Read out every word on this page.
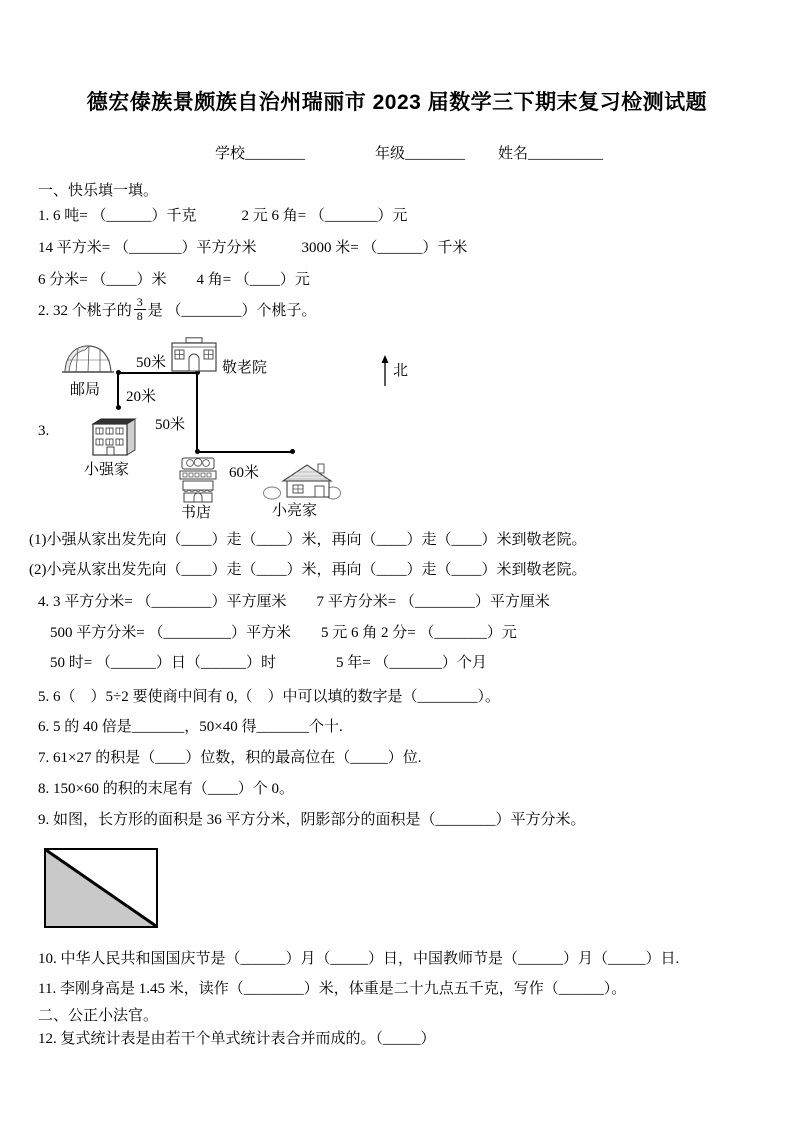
德宏傣族景颇族自治州瑞丽市 2023 届数学三下期末复习检测试题
学校________	年级________ 姓名__________
一、快乐填一填。
1. 6 吨= （______）千克　　　2 元 6 角= （_______）元
14 平方米= （_______）平方分米　　　3000 米= （______）千米
6 分米= （____）米　　4 角= （____）元
2. 32 个桃子的 $\frac{3}{8}$ 是 （________）个桃子。
3.
50米
20米
50米
60米
邮局
敬老院
小强家
书店	小亮家
北
(1)小强从家出发先向（____）走（____）米，再向（____）走（____）米到敬老院。
(2)小亮从家出发先向（____）走（____）米，再向（____）走（____）米到敬老院。
4. 3 平方分米= （________）平方厘米　　7 平方分米= （________）平方厘米
500 平方分米= （_________）平方米　　5 元 6 角 2 分= （_______）元
50 时= （______）日（______）时　　　　5 年= （_______）个月
5. 6（　）5÷2 要使商中间有 0,（　）中可以填的数字是（________）。
6. 5 的 40 倍是_______，50×40 得_______个十.
7. 61×27 的积是（____）位数，积的最高位在（_____）位.
8. 150×60 的积的末尾有（____）个 0。
9. 如图，长方形的面积是 36 平方分米，阴影部分的面积是（________）平方分米。
10. 中华人民共和国国庆节是（______）月（_____）日，中国教师节是（______）月（_____）日.
11. 李刚身高是 1.45 米，读作（________）米，体重是二十九点五千克，写作（______）。
二、公正小法官。
12. 复式统计表是由若干个单式统计表合并而成的。（_____）
